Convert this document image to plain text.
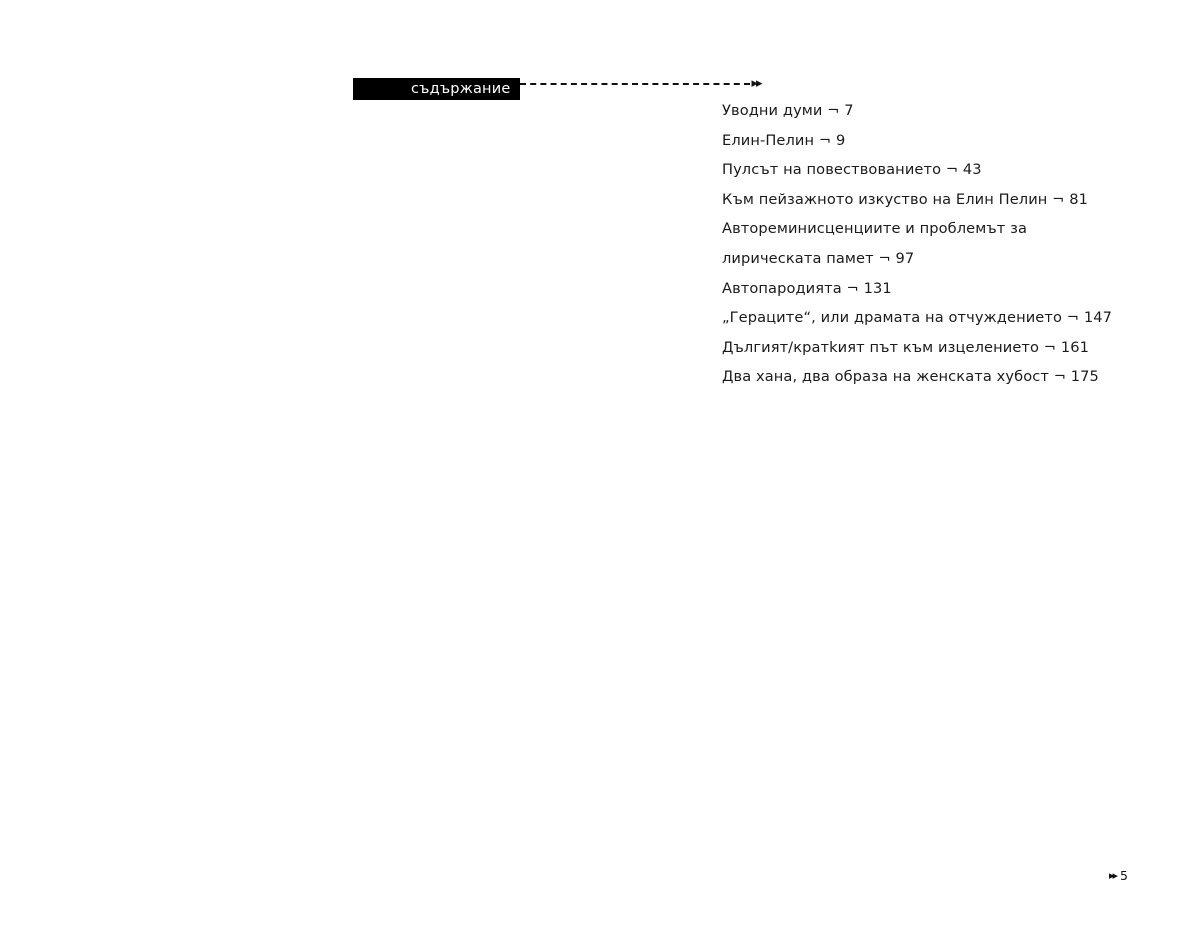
съдържание	▸▸
Уводни думи ¬ 7
Елин-Пелин ¬ 9
Пулсът на повествованието ¬ 43
Към пейзажното изкуство на Елин Пелин ¬ 81
Автореминисценциите и проблемът за
лирическата памет ¬ 97
Автопародията ¬ 131
„Гераците“, или драмата на отчуждението ¬ 147
Дългият/кратkият път към изцелението ¬ 161
Два хана, два образа на женската хубост ¬ 175
▸▸ 5
